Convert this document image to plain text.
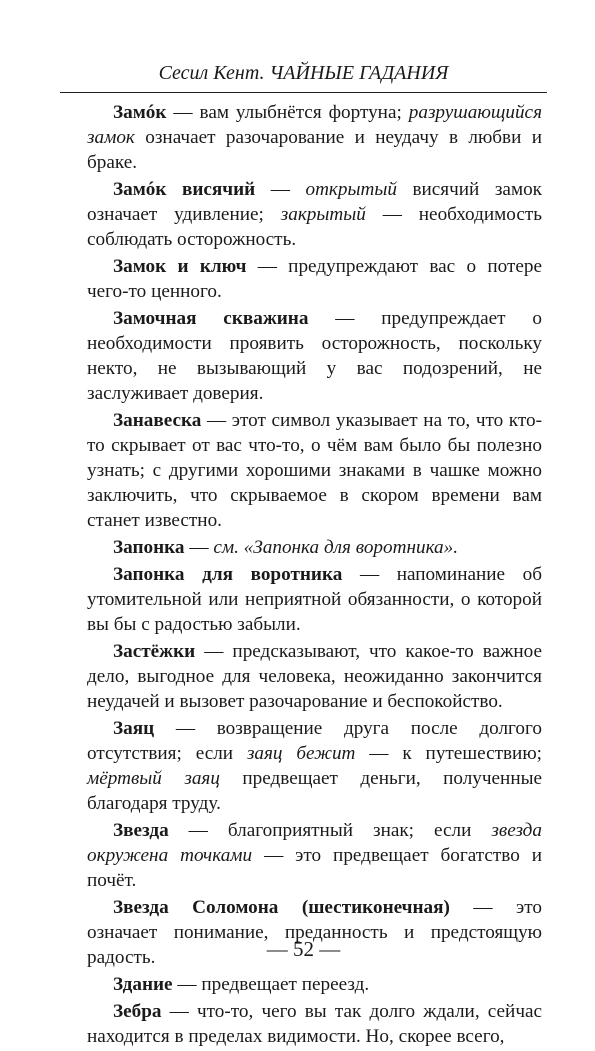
Сесил Кент. ЧАЙНЫЕ ГАДАНИЯ

Замóк — вам улыбнётся фортуна; разрушающийся замок означает разочарование и неудачу в любви и браке.

Замóк висячий — открытый висячий замок означает удивление; закрытый — необходимость соблюдать осторожность.

Замок и ключ — предупреждают вас о потере чего-то ценного.

Замочная скважина — предупреждает о необходимости проявить осторожность, поскольку некто, не вызывающий у вас подозрений, не заслуживает доверия.

Занавеска — этот символ указывает на то, что кто-то скрывает от вас что-то, о чём вам было бы полезно узнать; с другими хорошими знаками в чашке можно заключить, что скрываемое в скором времени вам станет известно.

Запонка — см. «Запонка для воротника».

Запонка для воротника — напоминание об утомительной или неприятной обязанности, о которой вы бы с радостью забыли.

Застёжки — предсказывают, что какое-то важное дело, выгодное для человека, неожиданно закончится неудачей и вызовет разочарование и беспокойство.

Заяц — возвращение друга после долгого отсутствия; если заяц бежит — к путешествию; мёртвый заяц предвещает деньги, полученные благодаря труду.

Звезда — благоприятный знак; если звезда окружена точками — это предвещает богатство и почёт.

Звезда Соломона (шестиконечная) — это означает понимание, преданность и предстоящую радость.

Здание — предвещает переезд.

Зебра — что-то, чего вы так долго ждали, сейчас находится в пределах видимости. Но, скорее всего,

— 52 —
